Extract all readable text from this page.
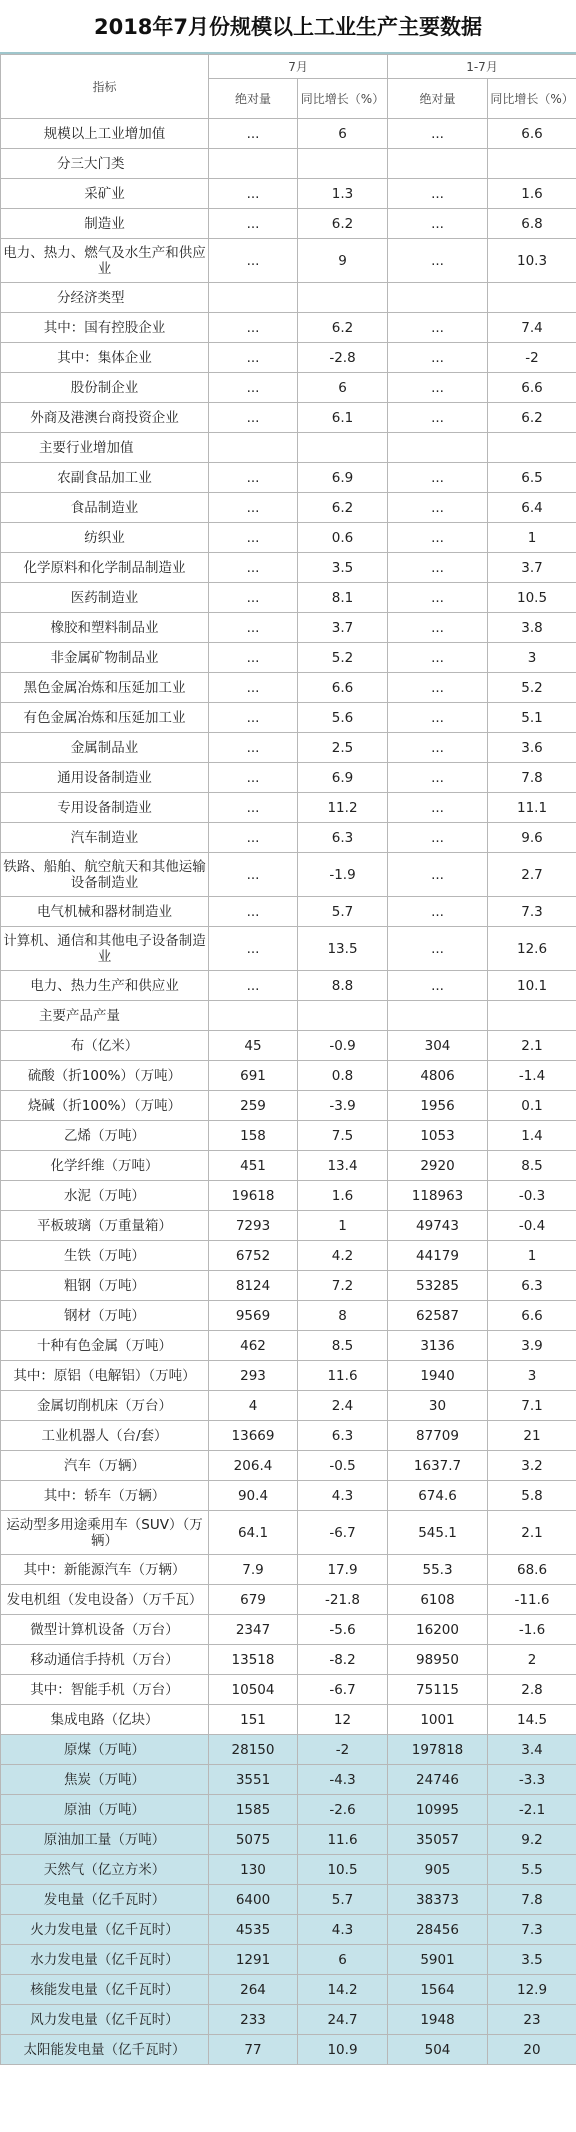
2018年7月份规模以上工业生产主要数据
指标	7月		1-7月	
	绝对量	同比增长（%）	绝对量	同比增长（%）
规模以上工业增加值	...	6	...	6.6
分三大门类				
采矿业	...	1.3	...	1.6
制造业	...	6.2	...	6.8
电力、热力、燃气及水生产和供应业	...	9	...	10.3
分经济类型				
其中：国有控股企业	...	6.2	...	7.4
其中：集体企业	...	-2.8	...	-2
股份制企业	...	6	...	6.6
外商及港澳台商投资企业	...	6.1	...	6.2
主要行业增加值				
农副食品加工业	...	6.9	...	6.5
食品制造业	...	6.2	...	6.4
纺织业	...	0.6	...	1
化学原料和化学制品制造业	...	3.5	...	3.7
医药制造业	...	8.1	...	10.5
橡胶和塑料制品业	...	3.7	...	3.8
非金属矿物制品业	...	5.2	...	3
黑色金属冶炼和压延加工业	...	6.6	...	5.2
有色金属冶炼和压延加工业	...	5.6	...	5.1
金属制品业	...	2.5	...	3.6
通用设备制造业	...	6.9	...	7.8
专用设备制造业	...	11.2	...	11.1
汽车制造业	...	6.3	...	9.6
铁路、船舶、航空航天和其他运输设备制造业	...	-1.9	...	2.7
电气机械和器材制造业	...	5.7	...	7.3
计算机、通信和其他电子设备制造业	...	13.5	...	12.6
电力、热力生产和供应业	...	8.8	...	10.1
主要产品产量				
布（亿米）	45	-0.9	304	2.1
硫酸（折100%）（万吨）	691	0.8	4806	-1.4
烧碱（折100%）（万吨）	259	-3.9	1956	0.1
乙烯（万吨）	158	7.5	1053	1.4
化学纤维（万吨）	451	13.4	2920	8.5
水泥（万吨）	19618	1.6	118963	-0.3
平板玻璃（万重量箱）	7293	1	49743	-0.4
生铁（万吨）	6752	4.2	44179	1
粗钢（万吨）	8124	7.2	53285	6.3
钢材（万吨）	9569	8	62587	6.6
十种有色金属（万吨）	462	8.5	3136	3.9
其中：原铝（电解铝）（万吨）	293	11.6	1940	3
金属切削机床（万台）	4	2.4	30	7.1
工业机器人（台/套）	13669	6.3	87709	21
汽车（万辆）	206.4	-0.5	1637.7	3.2
其中：轿车（万辆）	90.4	4.3	674.6	5.8
运动型多用途乘用车（SUV）（万辆）	64.1	-6.7	545.1	2.1
其中：新能源汽车（万辆）	7.9	17.9	55.3	68.6
发电机组（发电设备）（万千瓦）	679	-21.8	6108	-11.6
微型计算机设备（万台）	2347	-5.6	16200	-1.6
移动通信手持机（万台）	13518	-8.2	98950	2
其中：智能手机（万台）	10504	-6.7	75115	2.8
集成电路（亿块）	151	12	1001	14.5
原煤（万吨）	28150	-2	197818	3.4
焦炭（万吨）	3551	-4.3	24746	-3.3
原油（万吨）	1585	-2.6	10995	-2.1
原油加工量（万吨）	5075	11.6	35057	9.2
天然气（亿立方米）	130	10.5	905	5.5
发电量（亿千瓦时）	6400	5.7	38373	7.8
火力发电量（亿千瓦时）	4535	4.3	28456	7.3
水力发电量（亿千瓦时）	1291	6	5901	3.5
核能发电量（亿千瓦时）	264	14.2	1564	12.9
风力发电量（亿千瓦时）	233	24.7	1948	23
太阳能发电量（亿千瓦时）	77	10.9	504	20
